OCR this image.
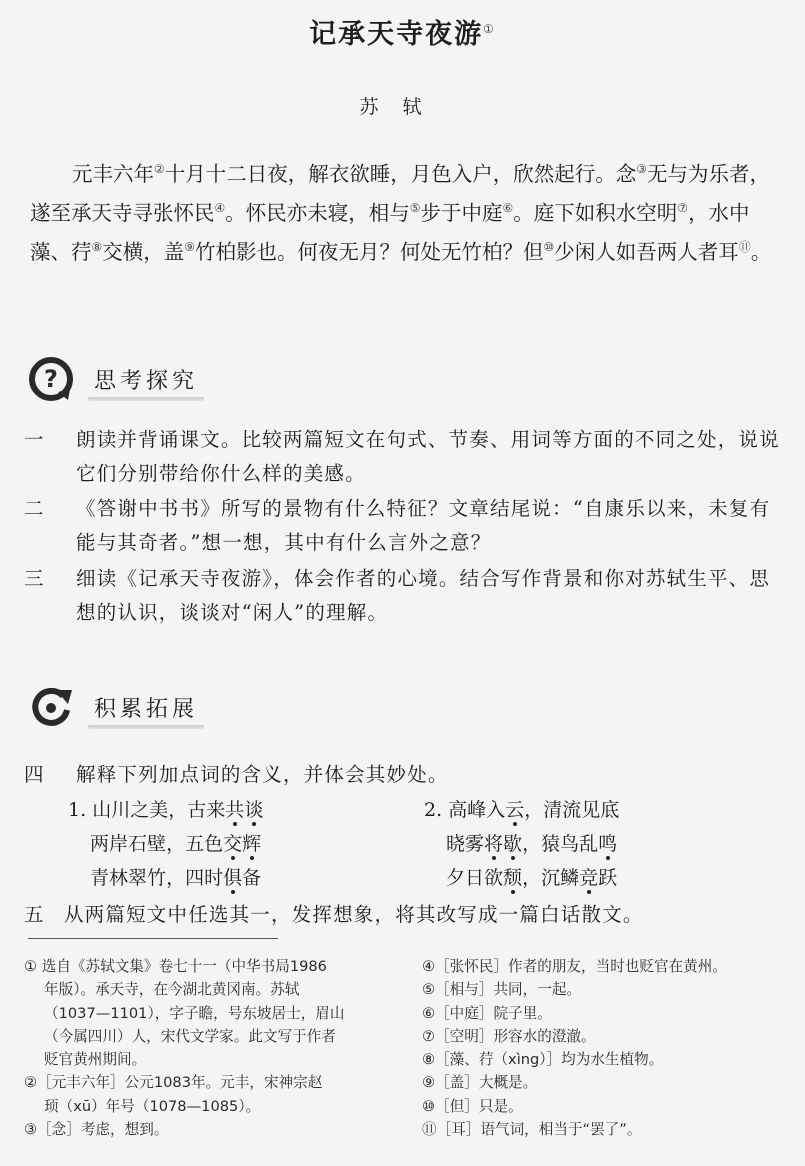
记承天寺夜游①
苏轼
元丰六年②十月十二日夜，解衣欲睡，月色入户，欣然起行。念③无与为乐者，遂至承天寺寻张怀民④。怀民亦未寝，相与⑤步于中庭⑥。庭下如积水空明⑦，水中藻、荇⑧交横，盖⑨竹柏影也。何夜无月？何处无竹柏？但⑩少闲人如吾两人者耳⑪。
? 思考探究
一	朗读并背诵课文。比较两篇短文在句式、节奏、用词等方面的不同之处，说说它们分别带给你什么样的美感。
二	《答谢中书书》所写的景物有什么特征？文章结尾说：“自康乐以来，未复有能与其奇者。”想一想，其中有什么言外之意？
三	细读《记承天寺夜游》，体会作者的心境。结合写作背景和你对苏轼生平、思想的认识，谈谈对“闲人”的理解。
积累拓展
四	解释下列加点词的含义，并体会其妙处。
1. 山川之美，古来共谈
两岸石壁，五色交辉
青林翠竹，四时俱备
2. 高峰入云，清流见底
晓雾将歇，猿鸟乱鸣
夕日欲颓，沉鳞竞跃
五	从两篇短文中任选其一，发挥想象，将其改写成一篇白话散文。
① 选自《苏轼文集》卷七十一（中华书局1986
年版）。承天寺，在今湖北黄冈南。苏轼
（1037—1101），字子瞻，号东坡居士，眉山
（今属四川）人，宋代文学家。此文写于作者
贬官黄州期间。
②［元丰六年］公元1083年。元丰，宋神宗赵
顼（xū）年号（1078—1085）。
③［念］考虑，想到。
④［张怀民］作者的朋友，当时也贬官在黄州。
⑤［相与］共同，一起。
⑥［中庭］院子里。
⑦［空明］形容水的澄澈。
⑧［藻、荇（xìng）］均为水生植物。
⑨［盖］大概是。
⑩［但］只是。
⑪［耳］语气词，相当于“罢了”。
